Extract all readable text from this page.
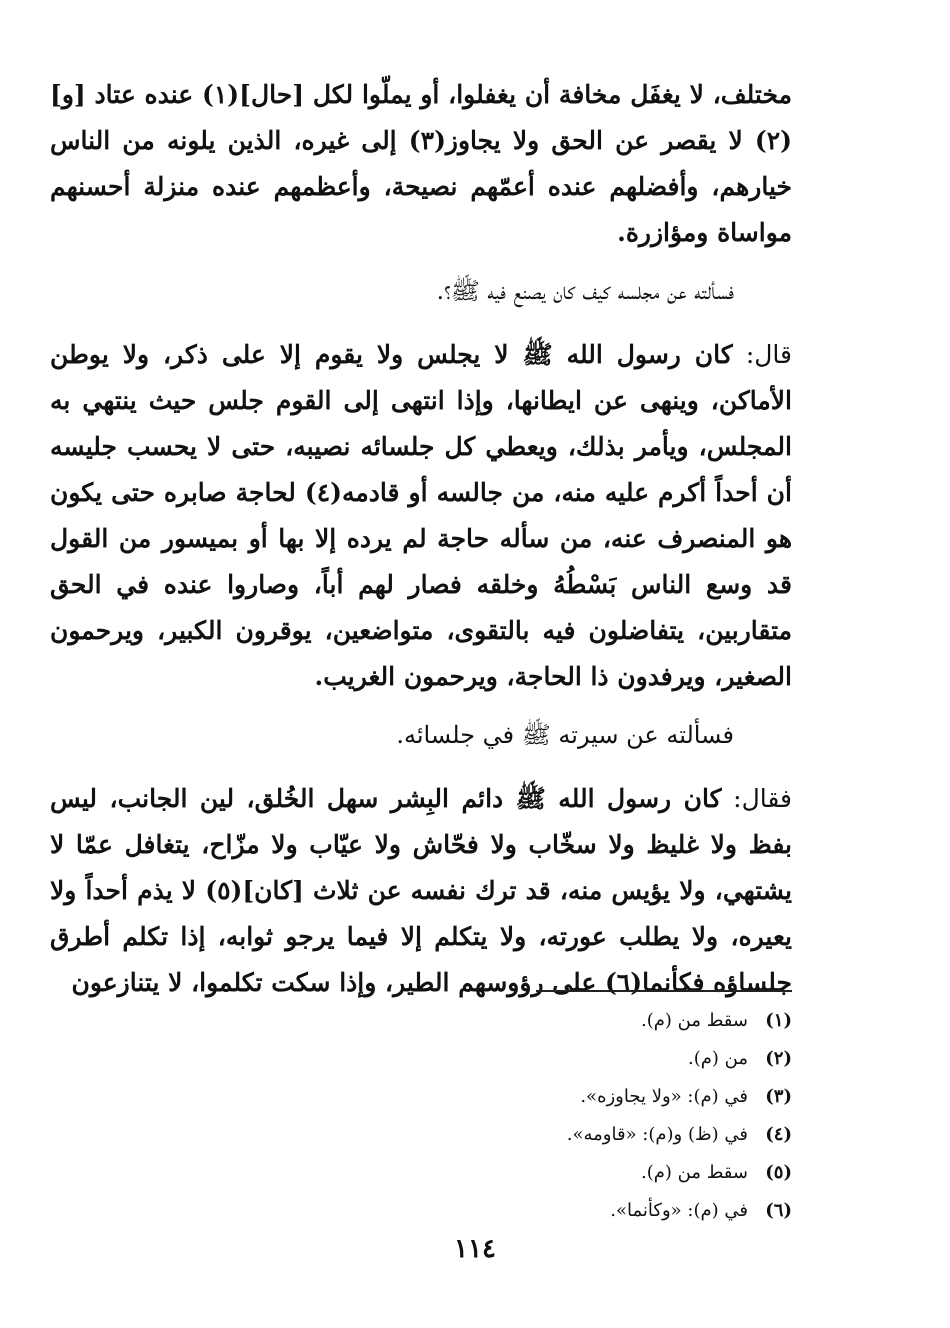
مختلف، لا يغفَل مخافة أن يغفلوا، أو يملّوا لكل [حال](١) عنده عتاد [و](٢) لا يقصر عن الحق ولا يجاوز(٣) إلى غيره، الذين يلونه من الناس خيارهم، وأفضلهم عنده أعمّهم نصيحة، وأعظمهم عنده منزلة أحسنهم مواساة ومؤازرة.

فسألته عن مجلسه كيف كان يصنع فيه ﷺ؟.

قال: كان رسول الله ﷺ لا يجلس ولا يقوم إلا على ذكر، ولا يوطن الأماكن، وينهى عن ايطانها، وإذا انتهى إلى القوم جلس حيث ينتهي به المجلس، ويأمر بذلك، ويعطي كل جلسائه نصيبه، حتى لا يحسب جليسه أن أحداً أكرم عليه منه، من جالسه أو قادمه(٤) لحاجة صابره حتى يكون هو المنصرف عنه، من سأله حاجة لم يرده إلا بها أو بميسور من القول قد وسع الناس بَسْطُهُ وخلقه فصار لهم أباً، وصاروا عنده في الحق متقاربين، يتفاضلون فيه بالتقوى، متواضعين، يوقرون الكبير، ويرحمون الصغير، ويرفدون ذا الحاجة، ويرحمون الغريب.

فسألته عن سيرته ﷺ في جلسائه.

فقال: كان رسول الله ﷺ دائم البِشر سهل الخُلق، لين الجانب، ليس بفظ ولا غليظ ولا سخّاب ولا فحّاش ولا عيّاب ولا مزّاح، يتغافل عمّا لا يشتهي، ولا يؤيس منه، قد ترك نفسه عن ثلاث [كان](٥) لا يذم أحداً ولا يعيره، ولا يطلب عورته، ولا يتكلم إلا فيما يرجو ثوابه، إذا تكلم أطرق جلساؤه فكأنما(٦) على رؤوسهم الطير، وإذا سكت تكلموا، لا يتنازعون

(١)سقط من (م).
(٢)من (م).
(٣)في (م): «ولا يجاوزه».
(٤)في (ظ) و(م): «قاومه».
(٥)سقط من (م).
(٦)في (م): «وكأنما».
١١٤
